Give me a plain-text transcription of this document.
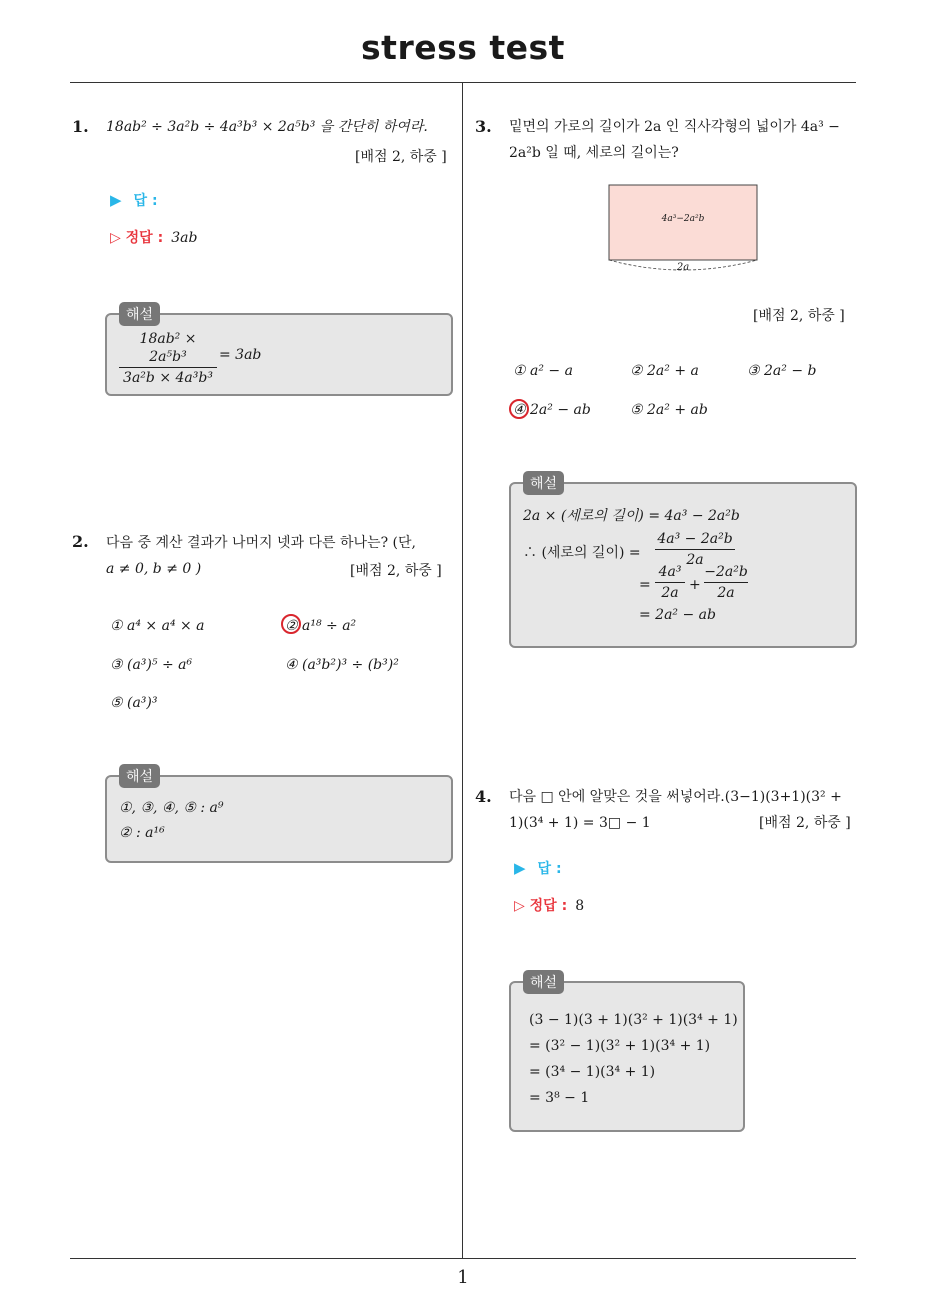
stress test
1
1. 18ab² ÷ 3a²b ÷ 4a³b³ × 2a⁵b³ 을 간단히 하여라.
[배점 2, 하중 ]
▶ 답 :
▷ 정답 : 3ab
해설
18ab² × 2a⁵b³
3a²b × 4a³b³
= 3ab
2. 다음 중 계산 결과가 나머지 넷과 다른 하나는? (단,
a ≠ 0, b ≠ 0 )	[배점 2, 하중 ]
① a⁴ × a⁴ × a	② a¹⁸ ÷ a²
③ (a³)⁵ ÷ a⁶	④ (a³b²)³ ÷ (b³)²
⑤ (a³)³
해설
①, ③, ④, ⑤ : a⁹
② : a¹⁶
3. 밑면의 가로의 길이가 2a 인 직사각형의 넓이가 4a³ −
2a²b 일 때, 세로의 길이는?
4a³−2a²b
2a
[배점 2, 하중 ]
① a² − a	② 2a² + a	③ 2a² − b
④ 2a² − ab	⑤ 2a² + ab
해설
2a × (세로의 길이) = 4a³ − 2a²b
∴ (세로의 길이) =
4a³ − 2a²b
2a
=
4a³
2a +
−2a²b
2a
= 2a² − ab
4. 다음 □ 안에 알맞은 것을 써넣어라.(3−1)(3+1)(3² +
1)(3⁴ + 1) = 3□ − 1	[배점 2, 하중 ]
▶ 답 :
▷ 정답 : 8
해설
(3 − 1)(3 + 1)(3² + 1)(3⁴ + 1)
= (3² − 1)(3² + 1)(3⁴ + 1)
= (3⁴ − 1)(3⁴ + 1)
= 3⁸ − 1
